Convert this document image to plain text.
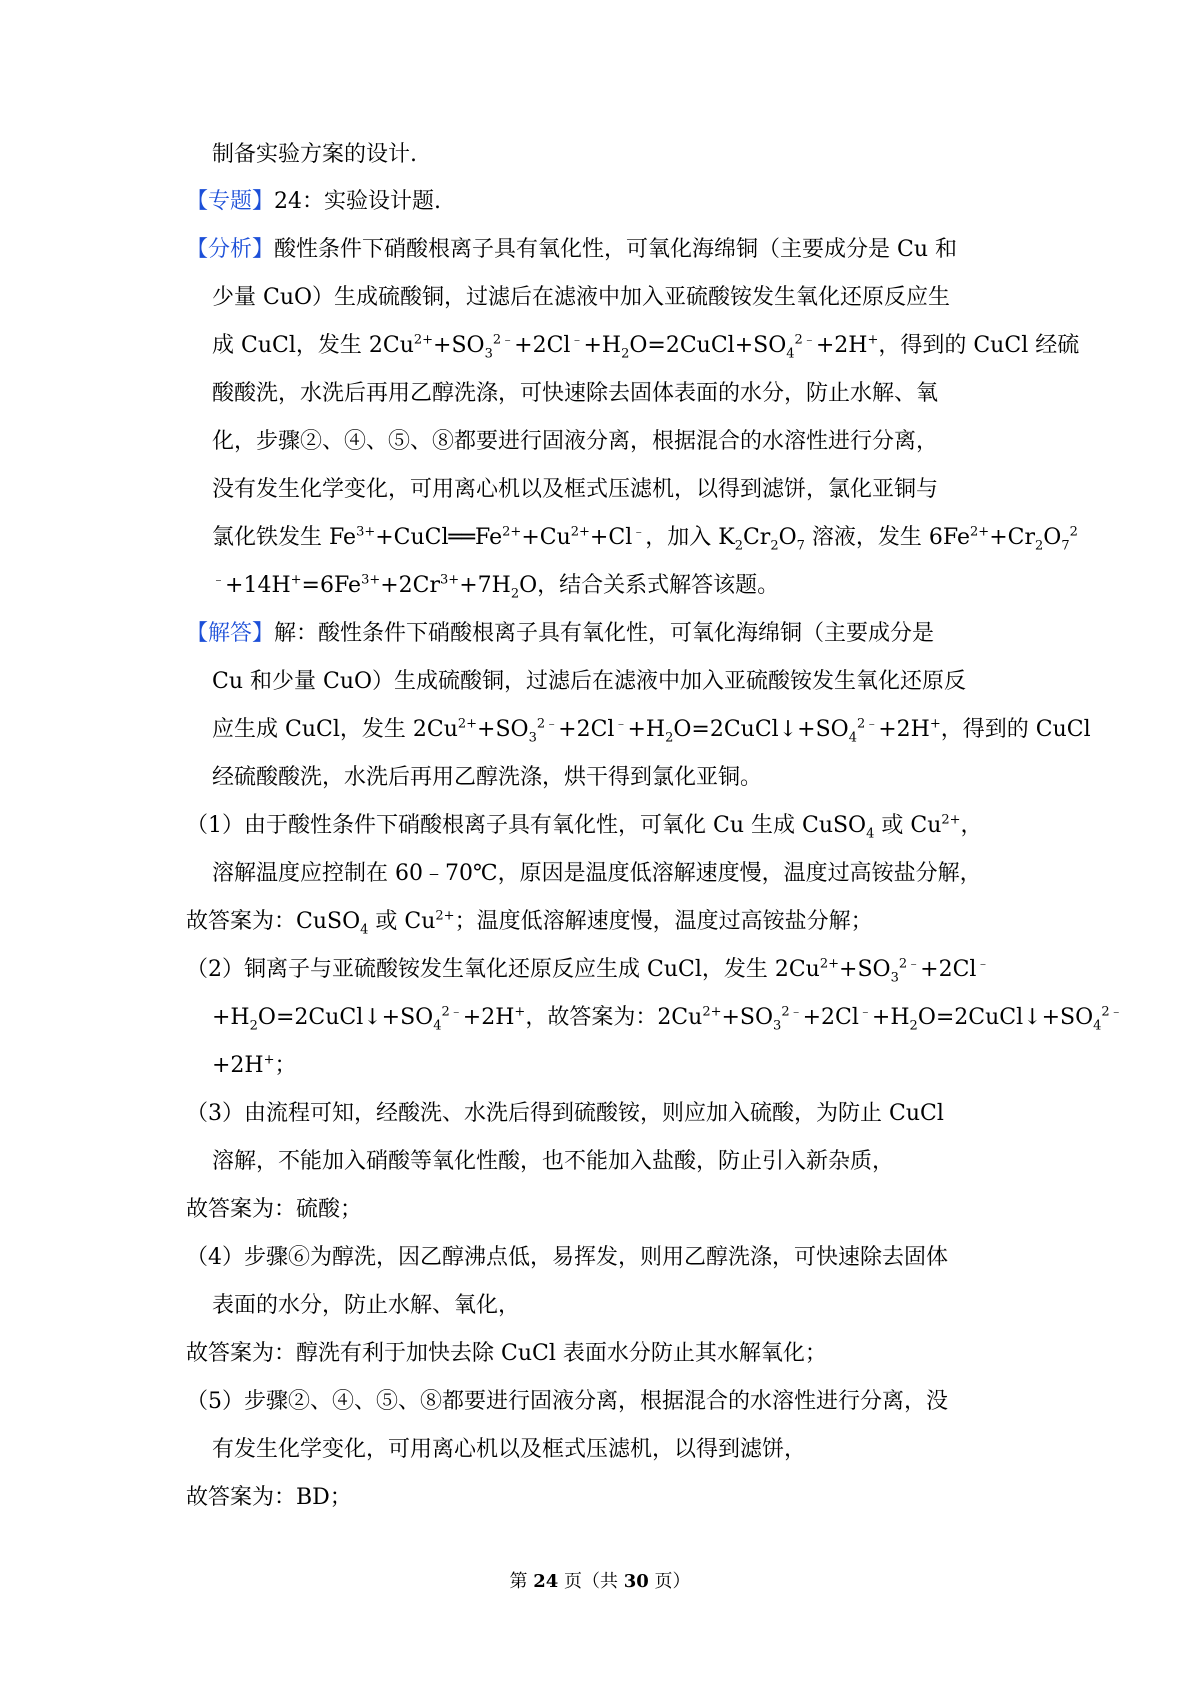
制备实验方案的设计.
【专题】24：实验设计题.
【分析】酸性条件下硝酸根离子具有氧化性，可氧化海绵铜（主要成分是 Cu 和
少量 CuO）生成硫酸铜，过滤后在滤液中加入亚硫酸铵发生氧化还原反应生
成 CuCl，发生 $2Cu^{2+}+SO_3^{2﹣}+2Cl^﹣+H_2O=2CuCl+SO_4^{2﹣}+2H^+$，得到的 CuCl 经硫
酸酸洗，水洗后再用乙醇洗涤，可快速除去固体表面的水分，防止水解、氧
化，步骤②、④、⑤、⑧都要进行固液分离，根据混合的水溶性进行分离，
没有发生化学变化，可用离心机以及框式压滤机，以得到滤饼，氯化亚铜与
氯化铁发生 $Fe^{3+}+CuCl══Fe^{2+}+Cu^{2+}+Cl^﹣$，加入 $K_2Cr_2O_7$ 溶液，发生 $6Fe^{2+}+Cr_2O_7^2$
$^﹣+14H^+=6Fe^{3+}+2Cr^{3+}+7H_2O$，结合关系式解答该题。
【解答】解：酸性条件下硝酸根离子具有氧化性，可氧化海绵铜（主要成分是
Cu 和少量 CuO）生成硫酸铜，过滤后在滤液中加入亚硫酸铵发生氧化还原反
应生成 CuCl，发生 $2Cu^{2+}+SO_3^{2﹣}+2Cl^﹣+H_2O=2CuCl↓+SO_4^{2﹣}+2H^+$，得到的 CuCl
经硫酸酸洗，水洗后再用乙醇洗涤，烘干得到氯化亚铜。
（1）由于酸性条件下硝酸根离子具有氧化性，可氧化 Cu 生成 CuSO$_4$ 或 $Cu^{2+}$，
溶解温度应控制在 60﹣70℃，原因是温度低溶解速度慢，温度过高铵盐分解，
故答案为：CuSO$_4$ 或 $Cu^{2+}$；温度低溶解速度慢，温度过高铵盐分解；
（2）铜离子与亚硫酸铵发生氧化还原反应生成 CuCl，发生 $2Cu^{2+}+SO_3^{2﹣}+2Cl^﹣$
$+H_2O=2CuCl↓+SO_4^{2﹣}+2H^+$，故答案为：$2Cu^{2+}+SO_3^{2﹣}+2Cl^﹣+H_2O=2CuCl↓+SO_4^{2﹣}$
+2H+；
（3）由流程可知，经酸洗、水洗后得到硫酸铵，则应加入硫酸，为防止 CuCl
溶解，不能加入硝酸等氧化性酸，也不能加入盐酸，防止引入新杂质，
故答案为：硫酸；
（4）步骤⑥为醇洗，因乙醇沸点低，易挥发，则用乙醇洗涤，可快速除去固体
表面的水分，防止水解、氧化，
故答案为：醇洗有利于加快去除 CuCl 表面水分防止其水解氧化；
（5）步骤②、④、⑤、⑧都要进行固液分离，根据混合的水溶性进行分离，没
有发生化学变化，可用离心机以及框式压滤机，以得到滤饼，
故答案为：BD；
第 24 页（共 30 页）
